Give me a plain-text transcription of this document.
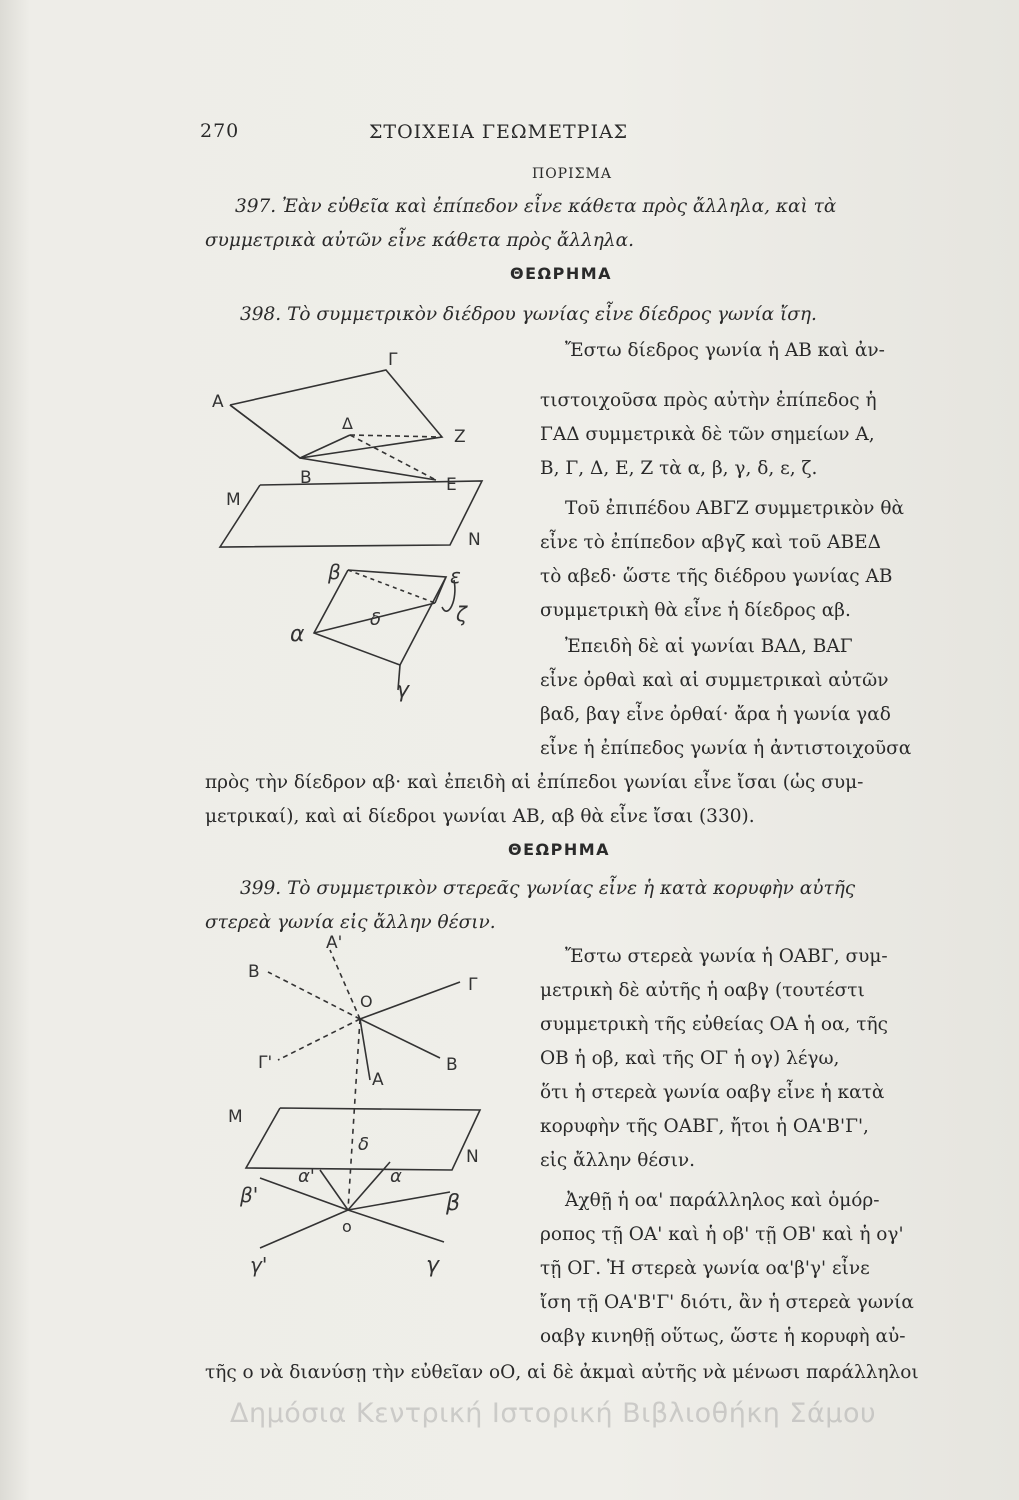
270	ΣΤΟΙΧΕΙΑ ΓΕΩΜΕΤΡΙΑΣ
ΠΟΡΙΣΜΑ
397. Ἐὰν εὐθεῖα καὶ ἐπίπεδον εἶνε κάθετα πρὸς ἄλληλα, καὶ τὰ
συμμετρικὰ αὐτῶν εἶνε κάθετα πρὸς ἄλληλα.
ΘΕΩΡΗΜΑ
398. Τὸ συμμετρικὸν διέδρου γωνίας εἶνε δίεδρος γωνία ἴση.
Ἔστω δίεδρος γωνία ἡ ΑΒ καὶ ἀν-
τιστοιχοῦσα πρὸς αὐτὴν ἐπίπεδος ἡ
ΓΑΔ συμμετρικὰ δὲ τῶν σημείων Α,
Β, Γ, Δ, Ε, Ζ τὰ α, β, γ, δ, ε, ζ.
Τοῦ ἐπιπέδου ΑΒΓΖ συμμετρικὸν θὰ
εἶνε τὸ ἐπίπεδον αβγζ καὶ τοῦ ΑΒΕΔ
τὸ αβεδ· ὥστε τῆς διέδρου γωνίας ΑΒ
συμμετρικὴ θὰ εἶνε ἡ δίεδρος αβ.
Ἐπειδὴ δὲ αἱ γωνίαι ΒΑΔ, ΒΑΓ
εἶνε ὀρθαὶ καὶ αἱ συμμετρικαὶ αὐτῶν
βαδ, βαγ εἶνε ὀρθαί· ἄρα ἡ γωνία γαδ
εἶνε ἡ ἐπίπεδος γωνία ἡ ἀντιστοιχοῦσα
πρὸς τὴν δίεδρον αβ· καὶ ἐπειδὴ αἱ ἐπίπεδοι γωνίαι εἶνε ἴσαι (ὡς συμ-
μετρικαί), καὶ αἱ δίεδροι γωνίαι ΑΒ, αβ θὰ εἶνε ἴσαι (330).
ΘΕΩΡΗΜΑ
399. Τὸ συμμετρικὸν στερεᾶς γωνίας εἶνε ἡ κατὰ κορυφὴν αὐτῆς
στερεὰ γωνία εἰς ἄλλην θέσιν.
Ἔστω στερεὰ γωνία ἡ ΟΑΒΓ, συμ-
μετρικὴ δὲ αὐτῆς ἡ οαβγ (τουτέστι
συμμετρικὴ τῆς εὐθείας ΟΑ ἡ οα, τῆς
ΟΒ ἡ οβ, καὶ τῆς ΟΓ ἡ ογ) λέγω,
ὅτι ἡ στερεὰ γωνία οαβγ εἶνε ἡ κατὰ
κορυφὴν τῆς ΟΑΒΓ, ἤτοι ἡ ΟΑ'Β'Γ',
εἰς ἄλλην θέσιν.
Ἀχθῇ ἡ οα' παράλληλος καὶ ὁμόρ-
ροπος τῇ ΟΑ' καὶ ἡ οβ' τῇ ΟΒ' καὶ ἡ ογ'
τῇ ΟΓ. Ἡ στερεὰ γωνία οα'β'γ' εἶνε
ἴση τῇ ΟΑ'Β'Γ' διότι, ἂν ἡ στερεὰ γωνία
οαβγ κινηθῇ οὕτως, ὥστε ἡ κορυφὴ αὐ-
τῆς ο νὰ διανύσῃ τὴν εὐθεῖαν οΟ, αἱ δὲ ἀκμαὶ αὐτῆς νὰ μένωσι παράλληλοι
Γ
Α
Δ
Ζ
Β	Ε
Μ
Ν
β	ε
δ	ζ
α
γ
Α'
Β
Ο
Γ
Γ'	Β
Α
Μ
δ
Ν
β'
α'	α
β
ο
γ'	γ
Δημόσια Κεντρική Ιστορική Βιβλιοθήκη Σάμου
